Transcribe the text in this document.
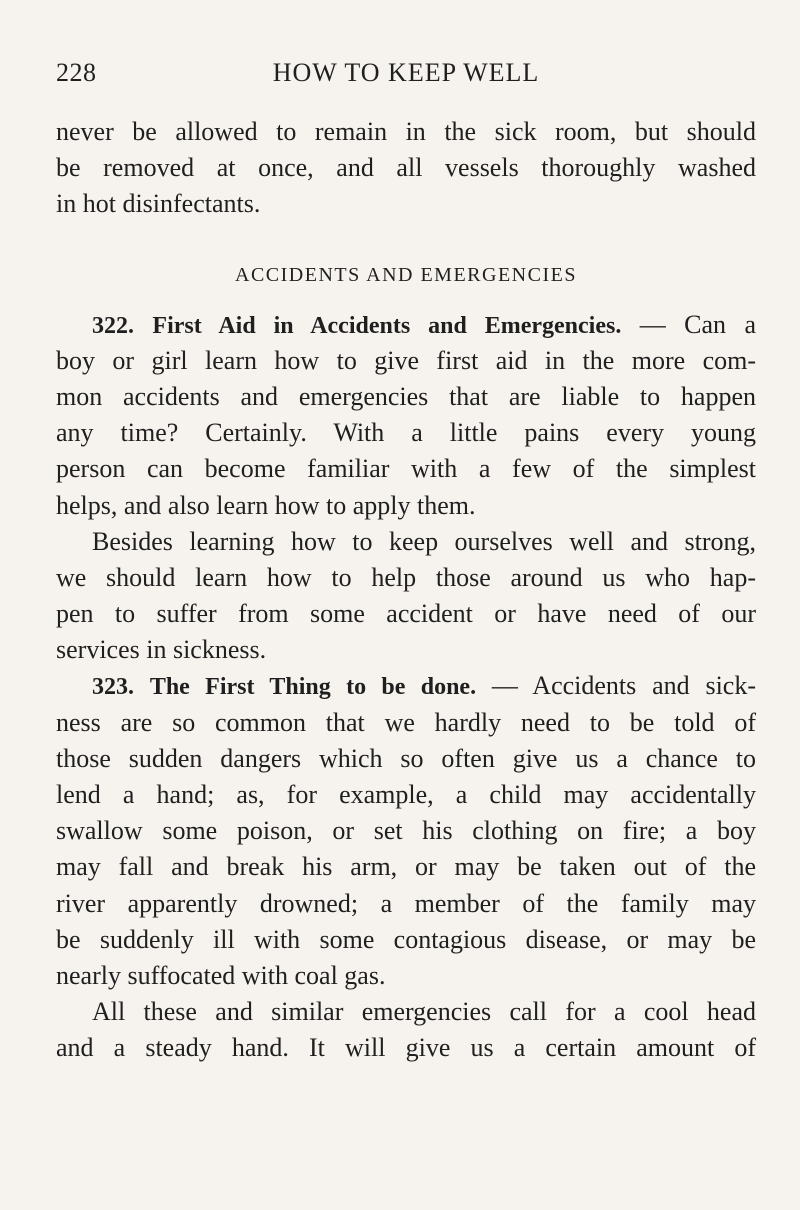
228	HOW TO KEEP WELL
never be allowed to remain in the sick room, but should
be removed at once, and all vessels thoroughly washed
in hot disinfectants.
ACCIDENTS AND EMERGENCIES
322. First Aid in Accidents and Emergencies. — Can a
boy or girl learn how to give first aid in the more com-
mon accidents and emergencies that are liable to happen
any time? Certainly. With a little pains every young
person can become familiar with a few of the simplest
helps, and also learn how to apply them.
Besides learning how to keep ourselves well and strong,
we should learn how to help those around us who hap-
pen to suffer from some accident or have need of our
services in sickness.
323. The First Thing to be done. — Accidents and sick-
ness are so common that we hardly need to be told of
those sudden dangers which so often give us a chance to
lend a hand; as, for example, a child may accidentally
swallow some poison, or set his clothing on fire; a boy
may fall and break his arm, or may be taken out of the
river apparently drowned; a member of the family may
be suddenly ill with some contagious disease, or may be
nearly suffocated with coal gas.
All these and similar emergencies call for a cool head
and a steady hand. It will give us a certain amount of
